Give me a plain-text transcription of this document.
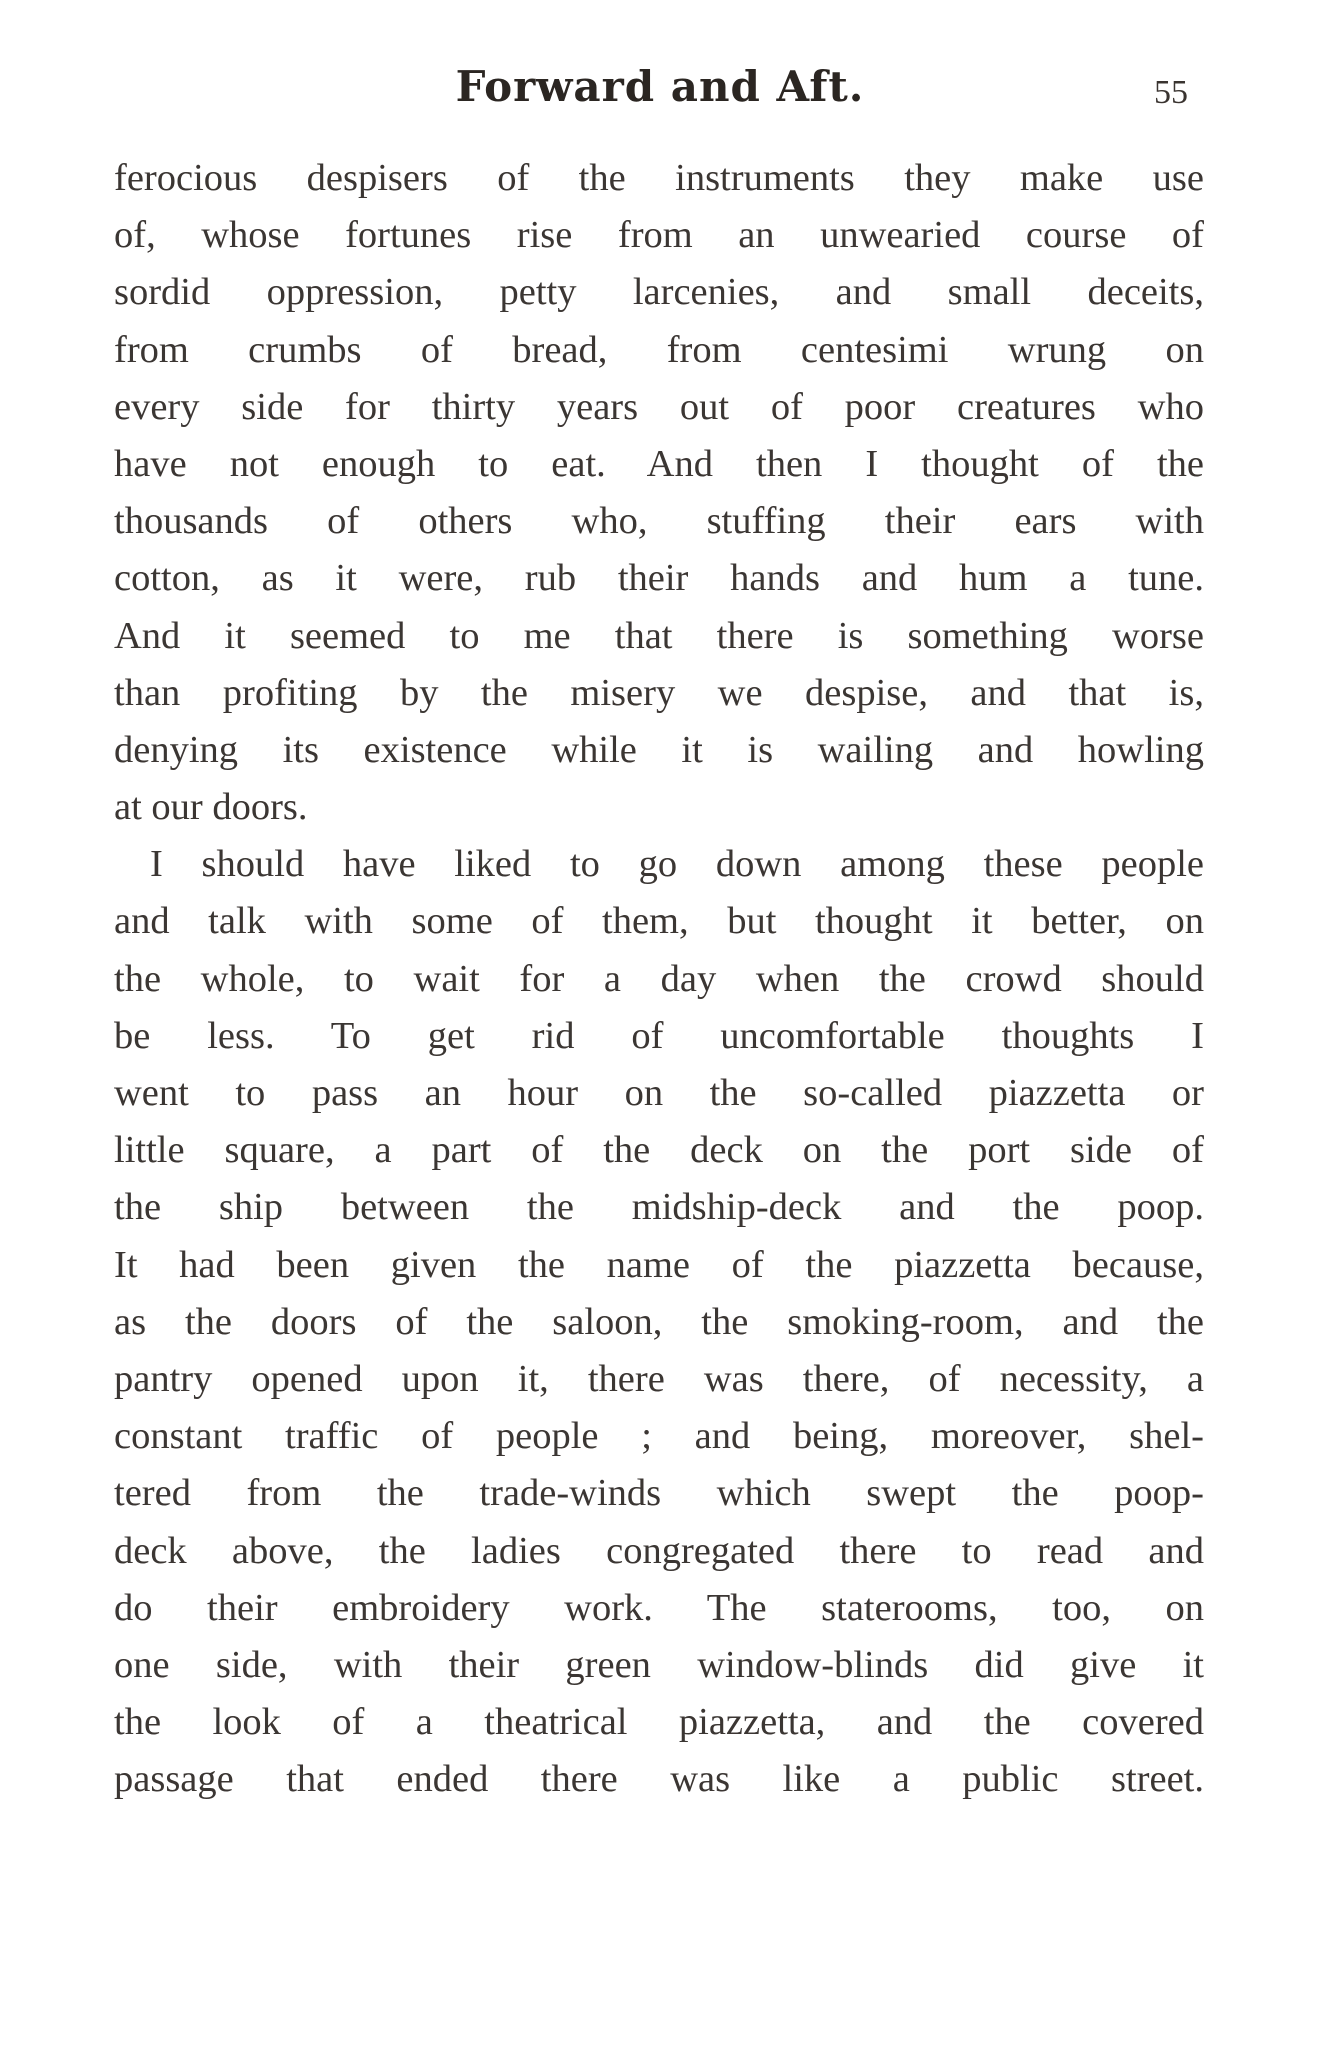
Forward and Aft.	55
ferocious despisers of the instruments they make use
of, whose fortunes rise from an unwearied course of
sordid oppression, petty larcenies, and small deceits,
from crumbs of bread, from centesimi wrung on
every side for thirty years out of poor creatures who
have not enough to eat. And then I thought of the
thousands of others who, stuffing their ears with
cotton, as it were, rub their hands and hum a tune.
And it seemed to me that there is something worse
than profiting by the misery we despise, and that is,
denying its existence while it is wailing and howling
at our doors.
I should have liked to go down among these people
and talk with some of them, but thought it better, on
the whole, to wait for a day when the crowd should
be less. To get rid of uncomfortable thoughts I
went to pass an hour on the so-called piazzetta or
little square, a part of the deck on the port side of
the ship between the midship-deck and the poop.
It had been given the name of the piazzetta because,
as the doors of the saloon, the smoking-room, and the
pantry opened upon it, there was there, of necessity, a
constant traffic of people ; and being, moreover, shel-
tered from the trade-winds which swept the poop-
deck above, the ladies congregated there to read and
do their embroidery work. The staterooms, too, on
one side, with their green window-blinds did give it
the look of a theatrical piazzetta, and the covered
passage that ended there was like a public street.
